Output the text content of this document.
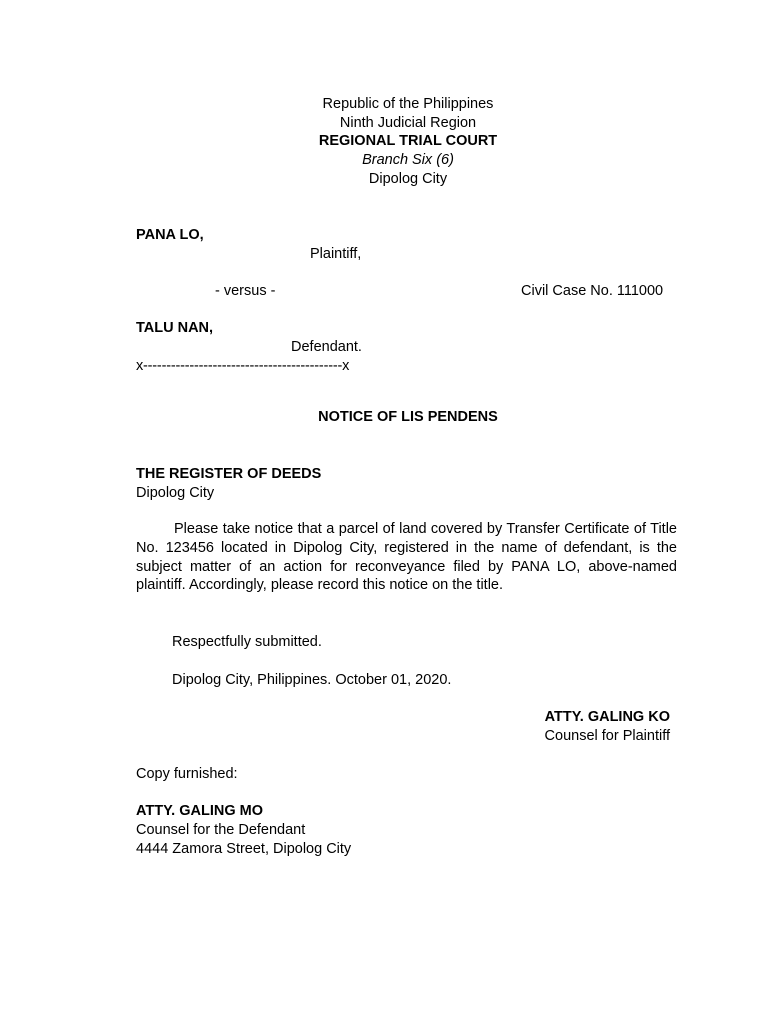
Republic of the Philippines
Ninth Judicial Region
REGIONAL TRIAL COURT
Branch Six (6)
Dipolog City
PANA LO,
Plaintiff,
- versus -	Civil Case No. 111000
TALU NAN,
Defendant.
x-------------------------------------------x
NOTICE OF LIS PENDENS
THE REGISTER OF DEEDS
Dipolog City
Please take notice that a parcel of land covered by Transfer Certificate of Title No. 123456 located in Dipolog City, registered in the name of defendant, is the subject matter of an action for reconveyance filed by PANA LO, above-named plaintiff. Accordingly, please record this notice on the title.
Respectfully submitted.
Dipolog City, Philippines. October 01, 2020.
ATTY. GALING KO
Counsel for Plaintiff
Copy furnished:
ATTY. GALING MO
Counsel for the Defendant
4444 Zamora Street, Dipolog City
